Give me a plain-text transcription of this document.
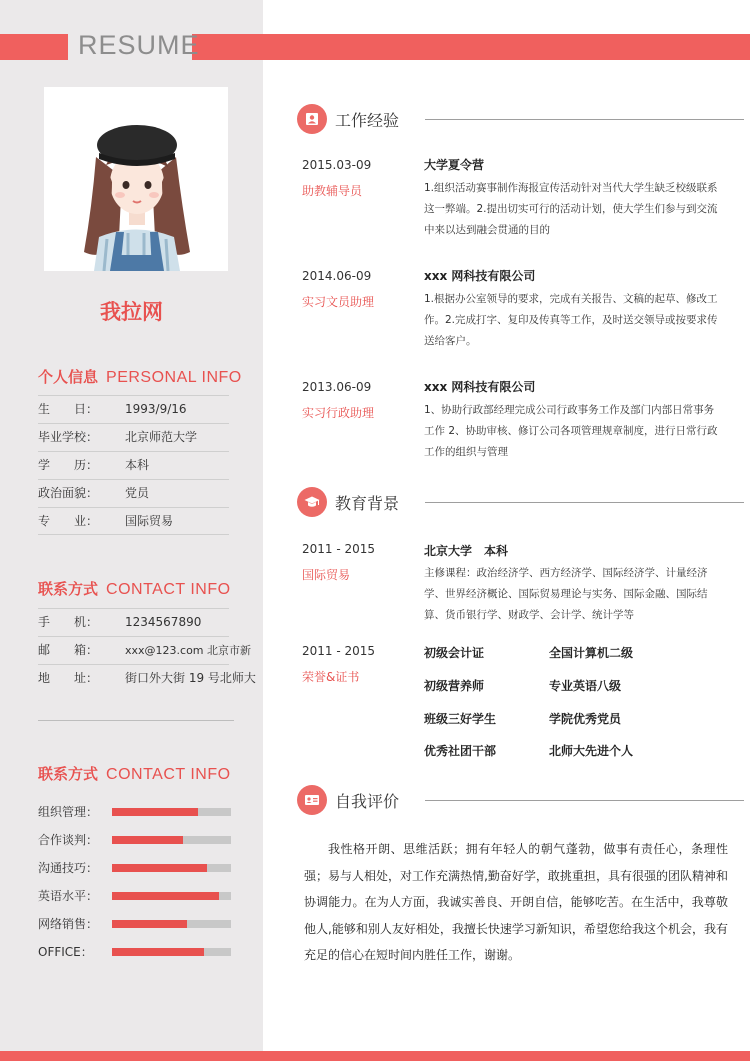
RESUME
我拉网
个人信息 PERSONAL INFO
生　　日： 1993/9/16
毕业学校： 北京师范大学
学　　历： 本科
政治面貌： 党员
专　　业： 国际贸易
联系方式 CONTACT INFO
手　　机： 1234567890
邮　　箱： xxx@123.com 北京市新
地　　址： 街口外大街 19 号北师大
联系方式 CONTACT INFO
组织管理：
合作谈判：
沟通技巧：
英语水平：
网络销售：
OFFICE：
工作经验
2015.03-09
助教辅导员
大学夏令营
1.组织活动赛事制作海报宣传活动针对当代大学生缺乏校级联系这一弊端。2.提出切实可行的活动计划，使大学生们参与到交流中来以达到融会贯通的目的
2014.06-09
实习文员助理
xxx 网科技有限公司
1.根据办公室领导的要求，完成有关报告、文稿的起草、修改工作。2.完成打字、复印及传真等工作，及时送交领导或按要求传送给客户。
2013.06-09
实习行政助理
xxx 网科技有限公司
1、协助行政部经理完成公司行政事务工作及部门内部日常事务工作 2、协助审核、修订公司各项管理规章制度，进行日常行政工作的组织与管理
教育背景
2011 - 2015
国际贸易
北京大学　本科
主修课程：政治经济学、西方经济学、国际经济学、计量经济学、世界经济概论、国际贸易理论与实务、国际金融、国际结算、货币银行学、财政学、会计学、统计学等
2011 - 2015
荣誉&证书
初级会计证	全国计算机二级
初级营养师	专业英语八级
班级三好学生	学院优秀党员
优秀社团干部	北师大先进个人
自我评价
我性格开朗、思维活跃；拥有年轻人的朝气蓬勃，做事有责任心，条理性强；易与人相处，对工作充满热情,勤奋好学，敢挑重担，具有很强的团队精神和协调能力。在为人方面，我诚实善良、开朗自信，能够吃苦。在生活中，我尊敬他人,能够和别人友好相处，我擅长快速学习新知识，希望您给我这个机会，我有充足的信心在短时间内胜任工作，谢谢。
